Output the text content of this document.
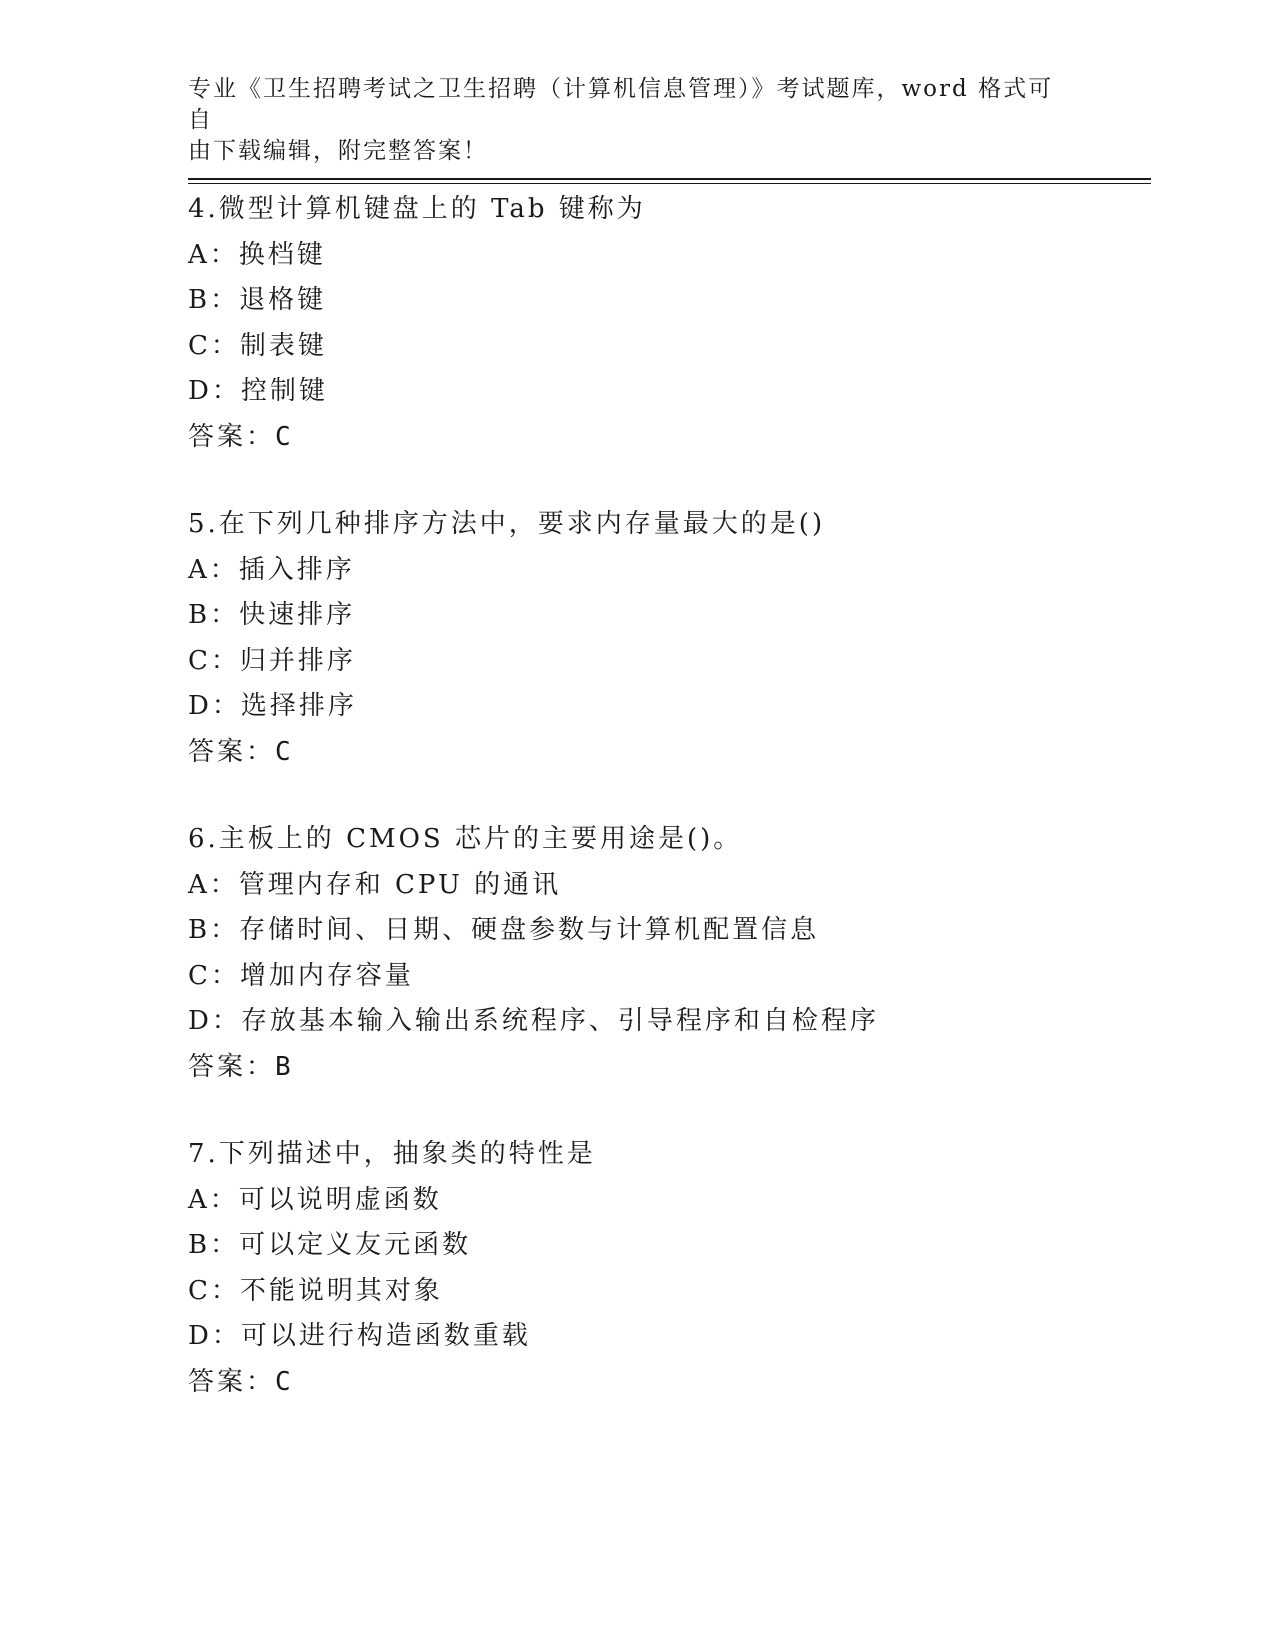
专业《卫生招聘考试之卫生招聘（计算机信息管理）》考试题库，word 格式可自
由下载编辑，附完整答案！
4.微型计算机键盘上的 Tab 键称为
A：换档键
B：退格键
C：制表键
D：控制键
答案：C
5.在下列几种排序方法中，要求内存量最大的是()
A：插入排序
B：快速排序
C：归并排序
D：选择排序
答案：C
6.主板上的 CMOS 芯片的主要用途是()。
A：管理内存和 CPU 的通讯
B：存储时间、日期、硬盘参数与计算机配置信息
C：增加内存容量
D：存放基本输入输出系统程序、引导程序和自检程序
答案：B
7.下列描述中，抽象类的特性是
A：可以说明虚函数
B：可以定义友元函数
C：不能说明其对象
D：可以进行构造函数重载
答案：C
